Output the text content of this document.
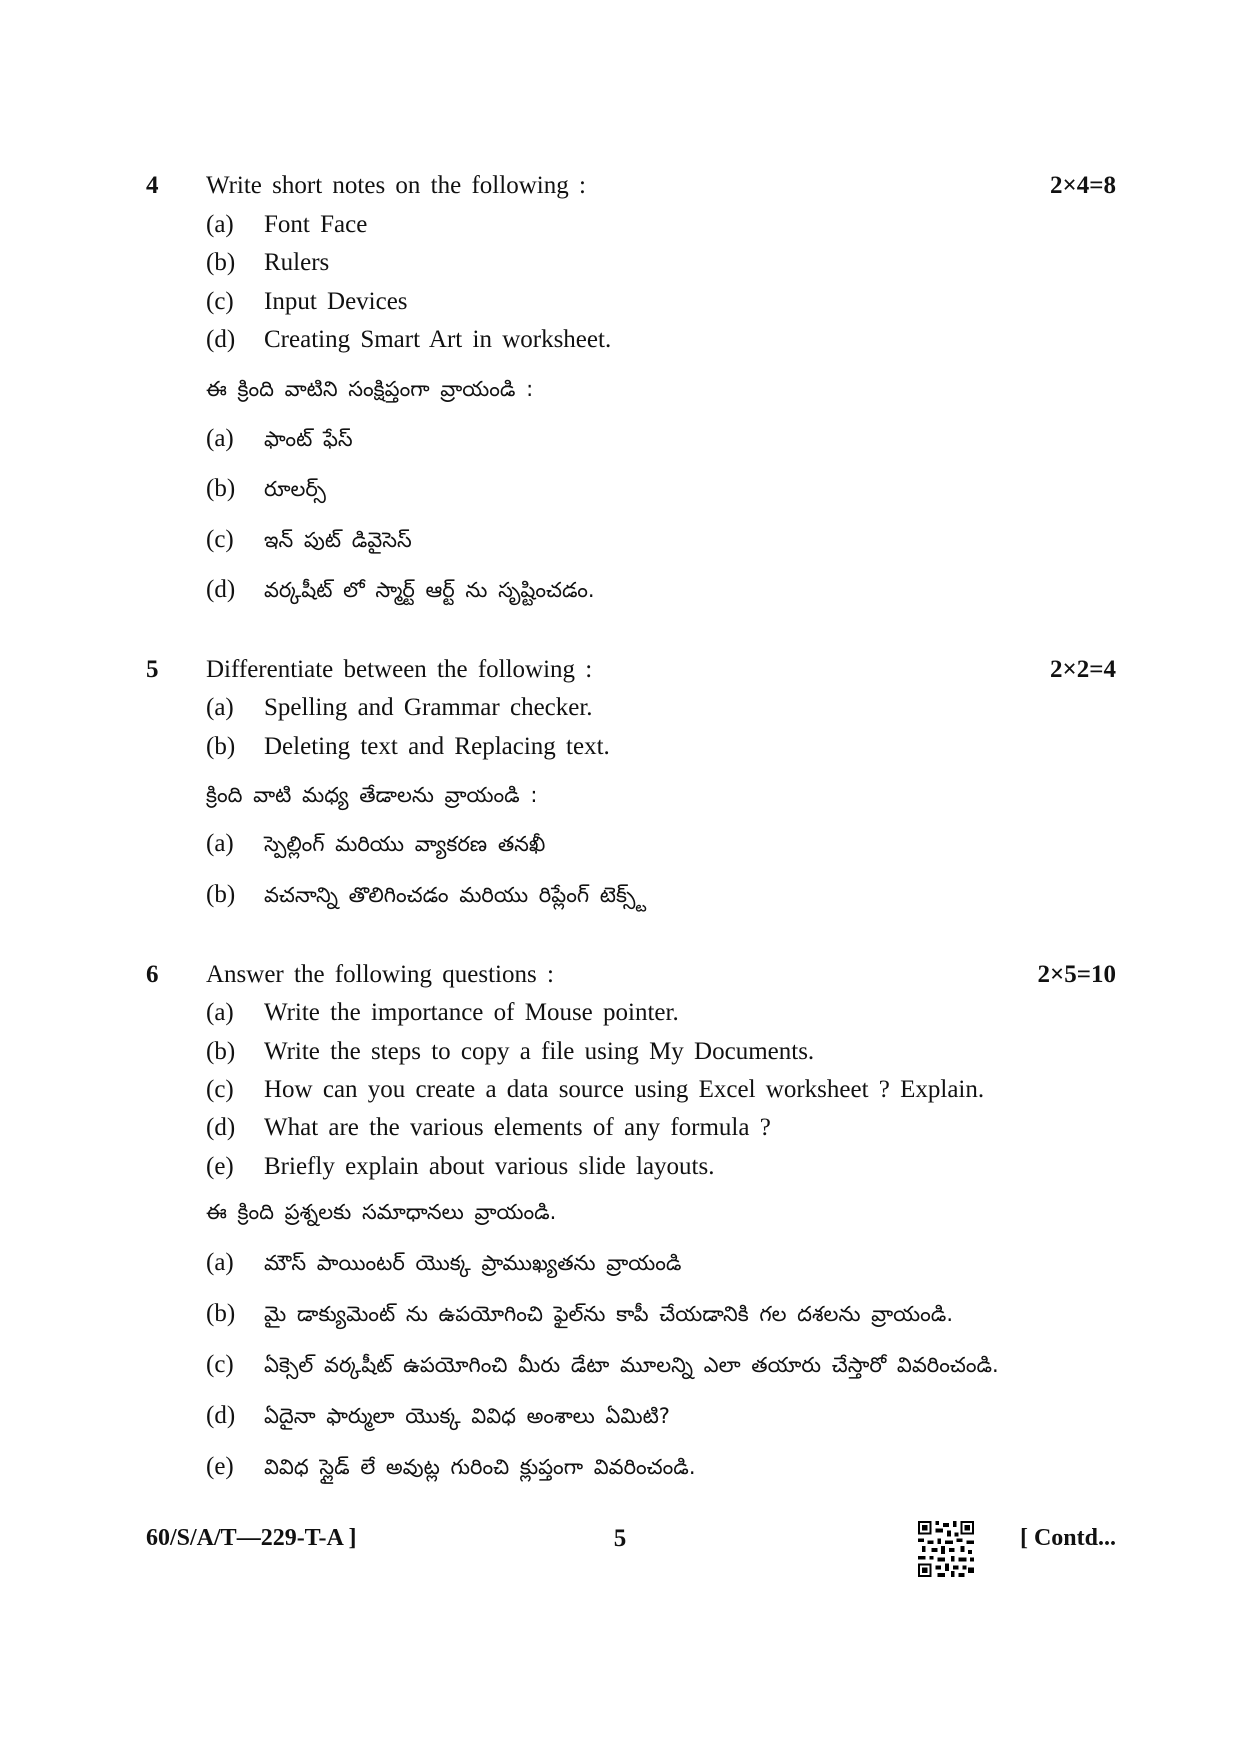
4 Write short notes on the following :	2×4=8
(a) Font Face
(b) Rulers
(c) Input Devices
(d) Creating Smart Art in worksheet.
ఈ క్రింది వాటిని సంక్షిప్తంగా వ్రాయండి :
(a) ఫాంట్ ఫేస్
(b) రూలర్స్
(c) ఇన్ పుట్ డివైసెస్
(d) వర్కషీట్ లో స్మార్ట్ ఆర్ట్ ను సృష్టించడం.
5 Differentiate between the following :	2×2=4
(a) Spelling and Grammar checker.
(b) Deleting text and Replacing text.
క్రింది వాటి మధ్య తేడాలను వ్రాయండి :
(a) స్పెల్లింగ్ మరియు వ్యాకరణ తనఖీ
(b) వచనాన్ని తొలిగించడం మరియు రిప్లేంగ్ టెక్స్ట్
6 Answer the following questions :	2×5=10
(a) Write the importance of Mouse pointer.
(b) Write the steps to copy a file using My Documents.
(c) How can you create a data source using Excel worksheet ? Explain.
(d) What are the various elements of any formula ?
(e) Briefly explain about various slide layouts.
ఈ క్రింది ప్రశ్నలకు సమాధానలు వ్రాయండి.
(a) మౌస్ పాయింటర్ యొక్క ప్రాముఖ్యతను వ్రాయండి
(b) మై డాక్యుమెంట్ ను ఉపయోగించి ఫైల్‌ను కాపీ చేయడానికి గల దశలను వ్రాయండి.
(c) ఏక్సెల్ వర్కషీట్ ఉపయోగించి మీరు డేటా మూలన్ని ఎలా తయారు చేస్తారో వివరించండి.
(d) ఏదైనా ఫార్ములా యొక్క వివిధ అంశాలు ఏమిటి?
(e) వివిధ స్లైడ్ లే అవుట్ల గురించి క్లుప్తంగా వివరించండి.
60/S/A/T—229-T-A ]	5	[ Contd...
